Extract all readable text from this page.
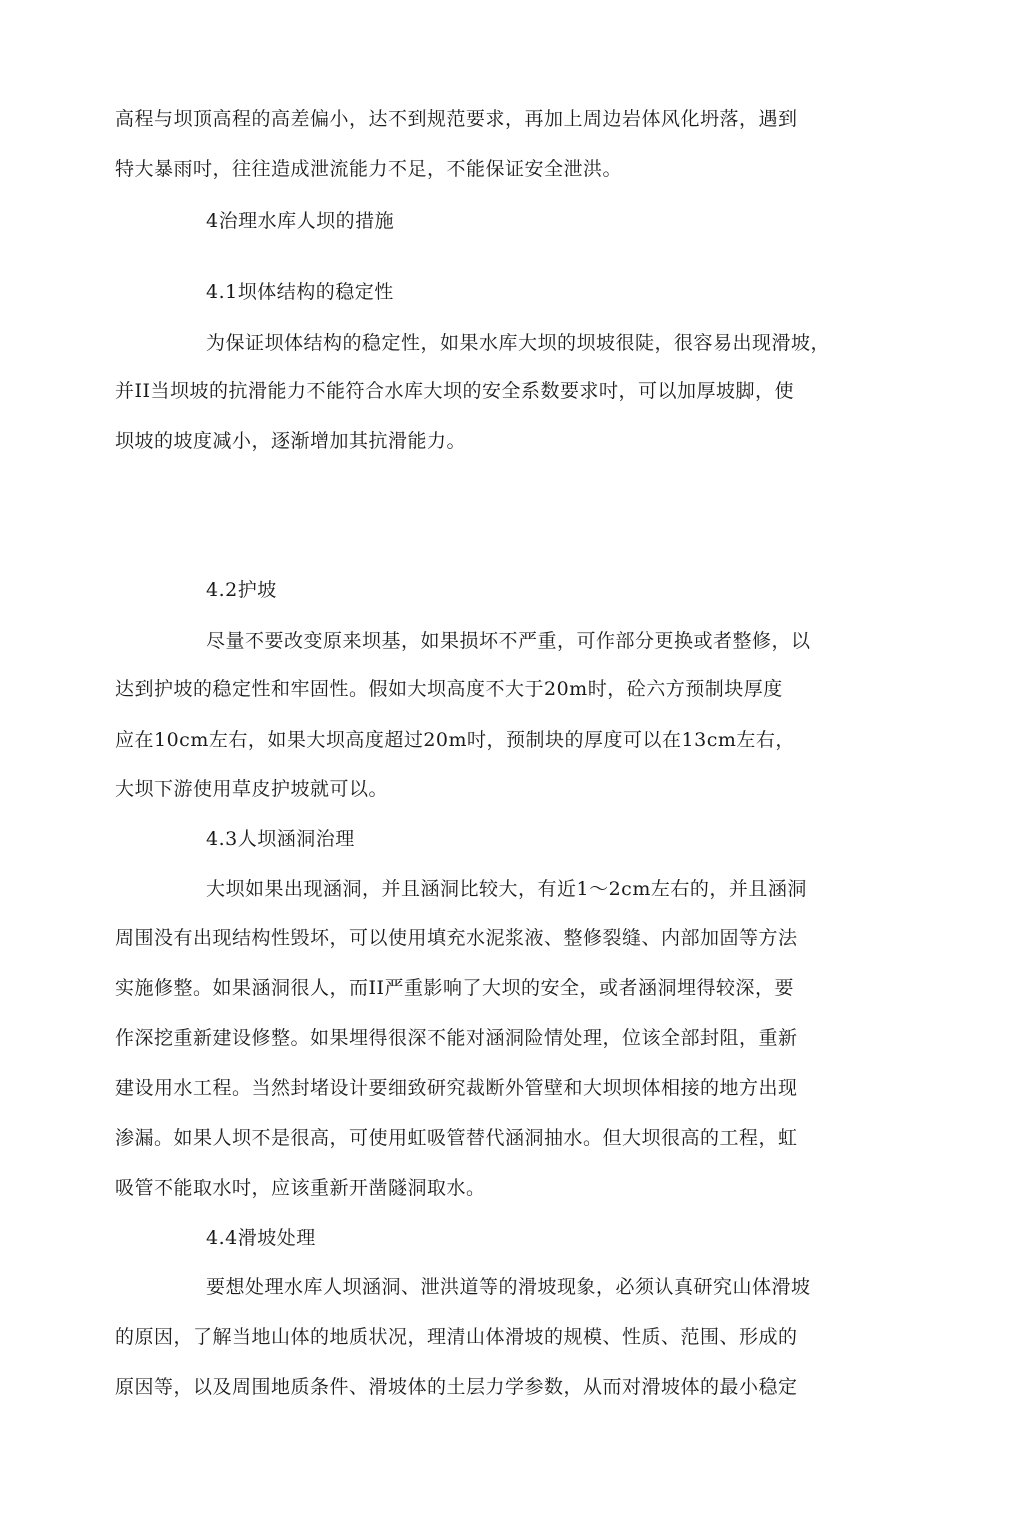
高程与坝顶高程的高差偏小，达不到规范要求，再加上周边岩体风化坍落，遇到
特大暴雨吋，往往造成泄流能力不足，不能保证安全泄洪。
4治理水库人坝的措施
4.1坝体结构的稳定性
为保证坝体结构的稳定性，如果水库大坝的坝坡很陡，很容易出现滑坡，
并II当坝坡的抗滑能力不能符合水库大坝的安全系数要求吋，可以加厚坡脚，使
坝坡的坡度减小，逐渐增加其抗滑能力。
4.2护坡
尽量不要改变原来坝基，如果损坏不严重，可作部分更换或者整修，以
达到护坡的稳定性和牢固性。假如大坝高度不大于20m时，砼六方预制块厚度
应在10cm左右，如果大坝高度超过20m吋，预制块的厚度可以在13cm左右，
大坝下游使用草皮护坡就可以。
4.3人坝涵洞治理
大坝如果出现涵洞，并且涵洞比较大，有近1～2cm左右的，并且涵洞
周围没有出现结构性毁坏，可以使用填充水泥浆液、整修裂缝、内部加固等方法
实施修整。如果涵洞很人，而II严重影响了大坝的安全，或者涵洞埋得较深，要
作深挖重新建设修整。如果埋得很深不能对涵洞险情处理，位该全部封阻，重新
建设用水工程。当然封堵设计要细致研究裁断外管壁和大坝坝体相接的地方出现
渗漏。如果人坝不是很高，可使用虹吸管替代涵洞抽水。但大坝很高的工程，虹
吸管不能取水吋，应该重新开凿隧洞取水。
4.4滑坡处理
要想处理水库人坝涵洞、泄洪道等的滑坡现象，必须认真研究山体滑坡
的原因，了解当地山体的地质状况，理清山体滑坡的规模、性质、范围、形成的
原因等，以及周围地质条件、滑坡体的土层力学参数，从而对滑坡体的最小稳定
